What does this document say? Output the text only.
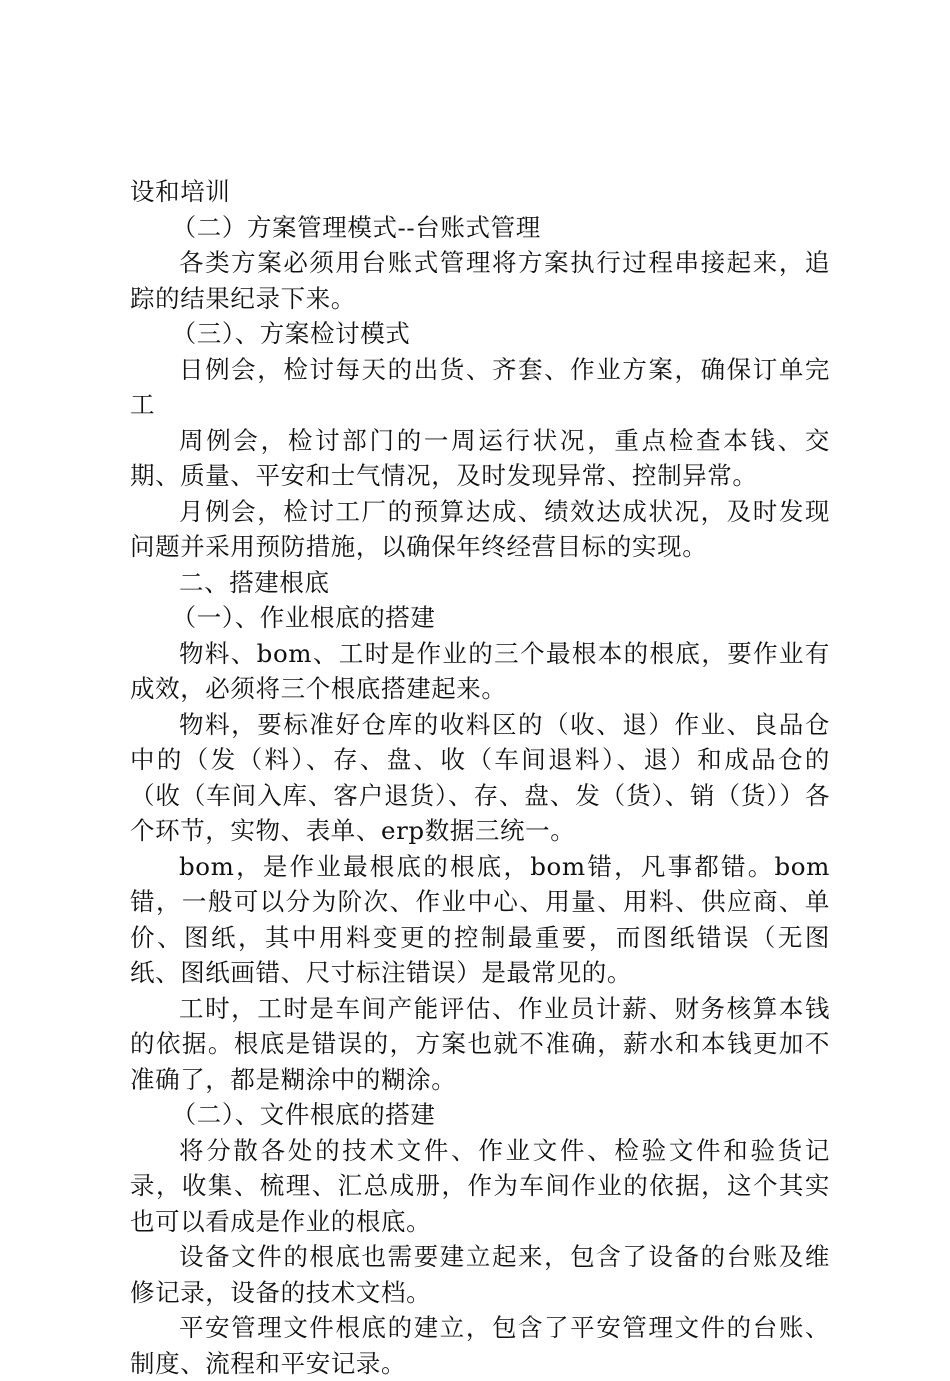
设和培训

（二）方案管理模式--台账式管理

各类方案必须用台账式管理将方案执行过程串接起来，追踪的结果纪录下来。

（三）、方案检讨模式

日例会，检讨每天的出货、齐套、作业方案，确保订单完工

周例会，检讨部门的一周运行状况，重点检查本钱、交期、质量、平安和士气情况，及时发现异常、控制异常。

月例会，检讨工厂的预算达成、绩效达成状况，及时发现问题并采用预防措施，以确保年终经营目标的实现。

二、搭建根底

（一）、作业根底的搭建

物料、bom、工时是作业的三个最根本的根底，要作业有成效，必须将三个根底搭建起来。

物料，要标准好仓库的收料区的（收、退）作业、良品仓中的（发（料）、存、盘、收（车间退料）、退）和成品仓的（收（车间入库、客户退货）、存、盘、发（货）、销（货））各个环节，实物、表单、erp数据三统一。

bom，是作业最根底的根底，bom错，凡事都错。bom错，一般可以分为阶次、作业中心、用量、用料、供应商、单价、图纸，其中用料变更的控制最重要，而图纸错误（无图纸、图纸画错、尺寸标注错误）是最常见的。

工时，工时是车间产能评估、作业员计薪、财务核算本钱的依据。根底是错误的，方案也就不准确，薪水和本钱更加不准确了，都是糊涂中的糊涂。

（二）、文件根底的搭建

将分散各处的技术文件、作业文件、检验文件和验货记录，收集、梳理、汇总成册，作为车间作业的依据，这个其实也可以看成是作业的根底。

设备文件的根底也需要建立起来，包含了设备的台账及维修记录，设备的技术文档。

平安管理文件根底的建立，包含了平安管理文件的台账、制度、流程和平安记录。
